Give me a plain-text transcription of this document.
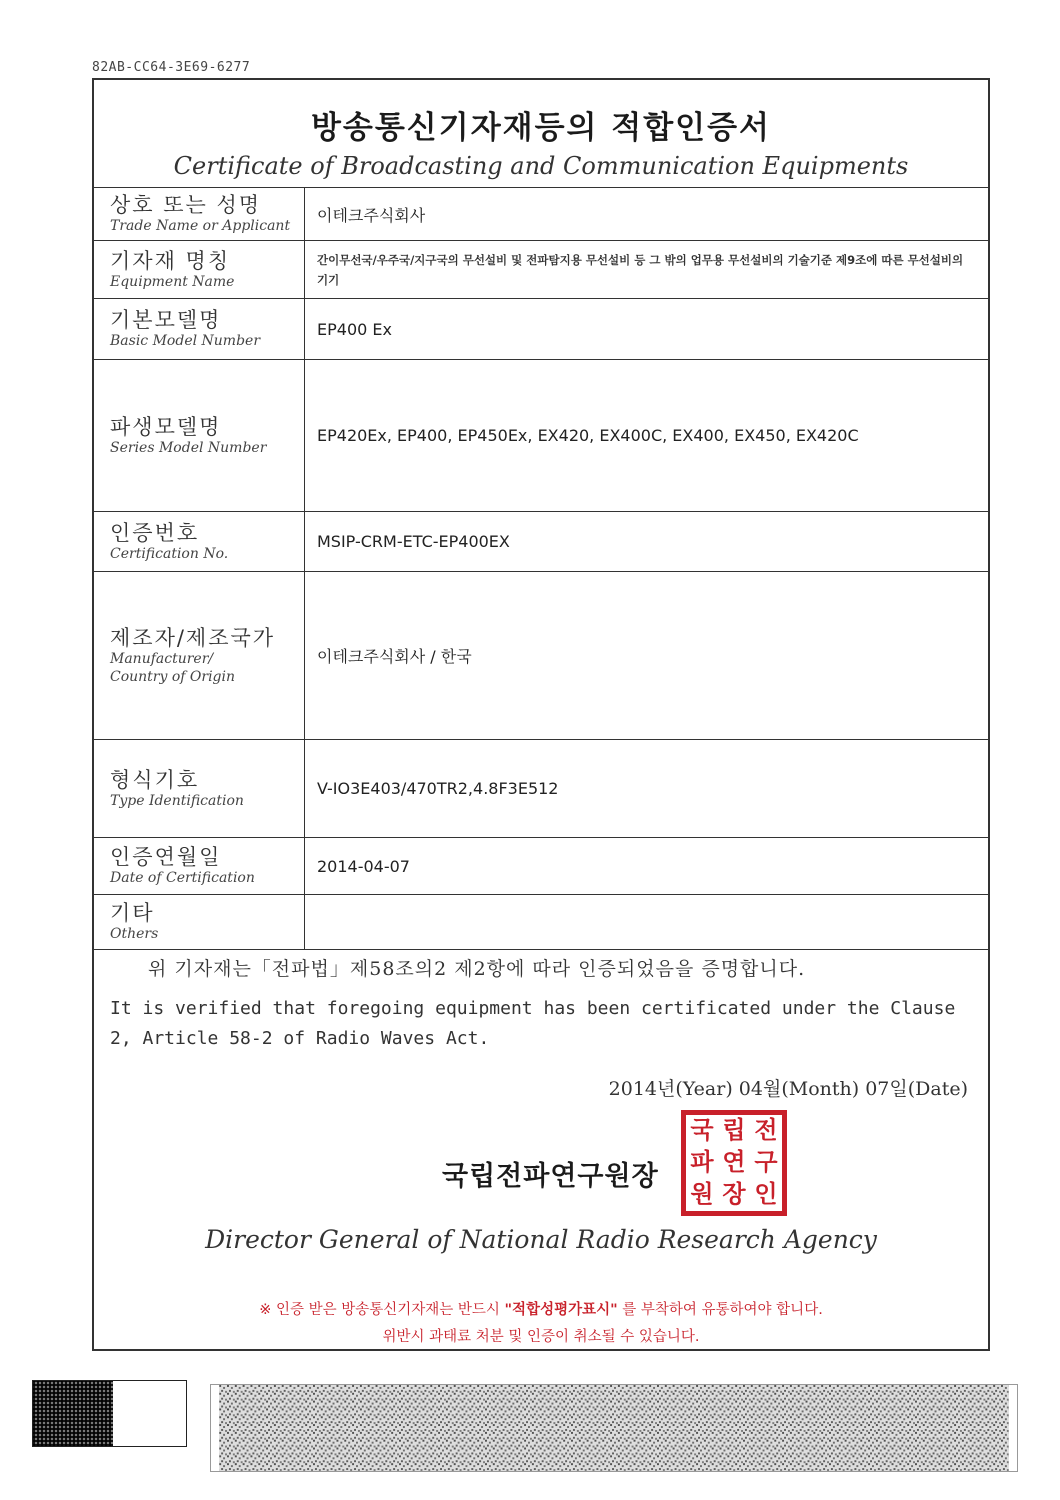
82AB-CC64-3E69-6277
방송통신기자재등의 적합인증서
Certificate of Broadcasting and Communication Equipments
상호 또는 성명
Trade Name or Applicant
이테크주식회사
기자재 명칭
Equipment Name
간이무선국/우주국/지구국의 무선설비 및 전파탐지용 무선설비 등 그 밖의 업무용 무선설비의 기술기준 제9조에 따른 무선설비의 기기
기본모델명
Basic Model Number
EP400 Ex
파생모델명
Series Model Number
EP420Ex, EP400, EP450Ex, EX420, EX400C, EX400, EX450, EX420C
인증번호
Certification No.
MSIP-CRM-ETC-EP400EX
제조자/제조국가
Manufacturer/
Country of Origin
이테크주식회사 / 한국
형식기호
Type Identification
V-IO3E403/470TR2,4.8F3E512
인증연월일
Date of Certification
2014-04-07
기타
Others
위 기자재는「전파법」제58조의2 제2항에 따라 인증되었음을 증명합니다.
It is verified that foregoing equipment has been certificated under the Clause 2, Article 58-2 of Radio Waves Act.
2014년(Year) 04월(Month) 07일(Date)
국립전파연구원장
국 립 전
파 연 구
원 장 인
Director General of National Radio Research Agency
※ 인증 받은 방송통신기자재는 반드시 "적합성평가표시" 를 부착하여 유통하여야 합니다.
위반시 과태료 처분 및 인증이 취소될 수 있습니다.
